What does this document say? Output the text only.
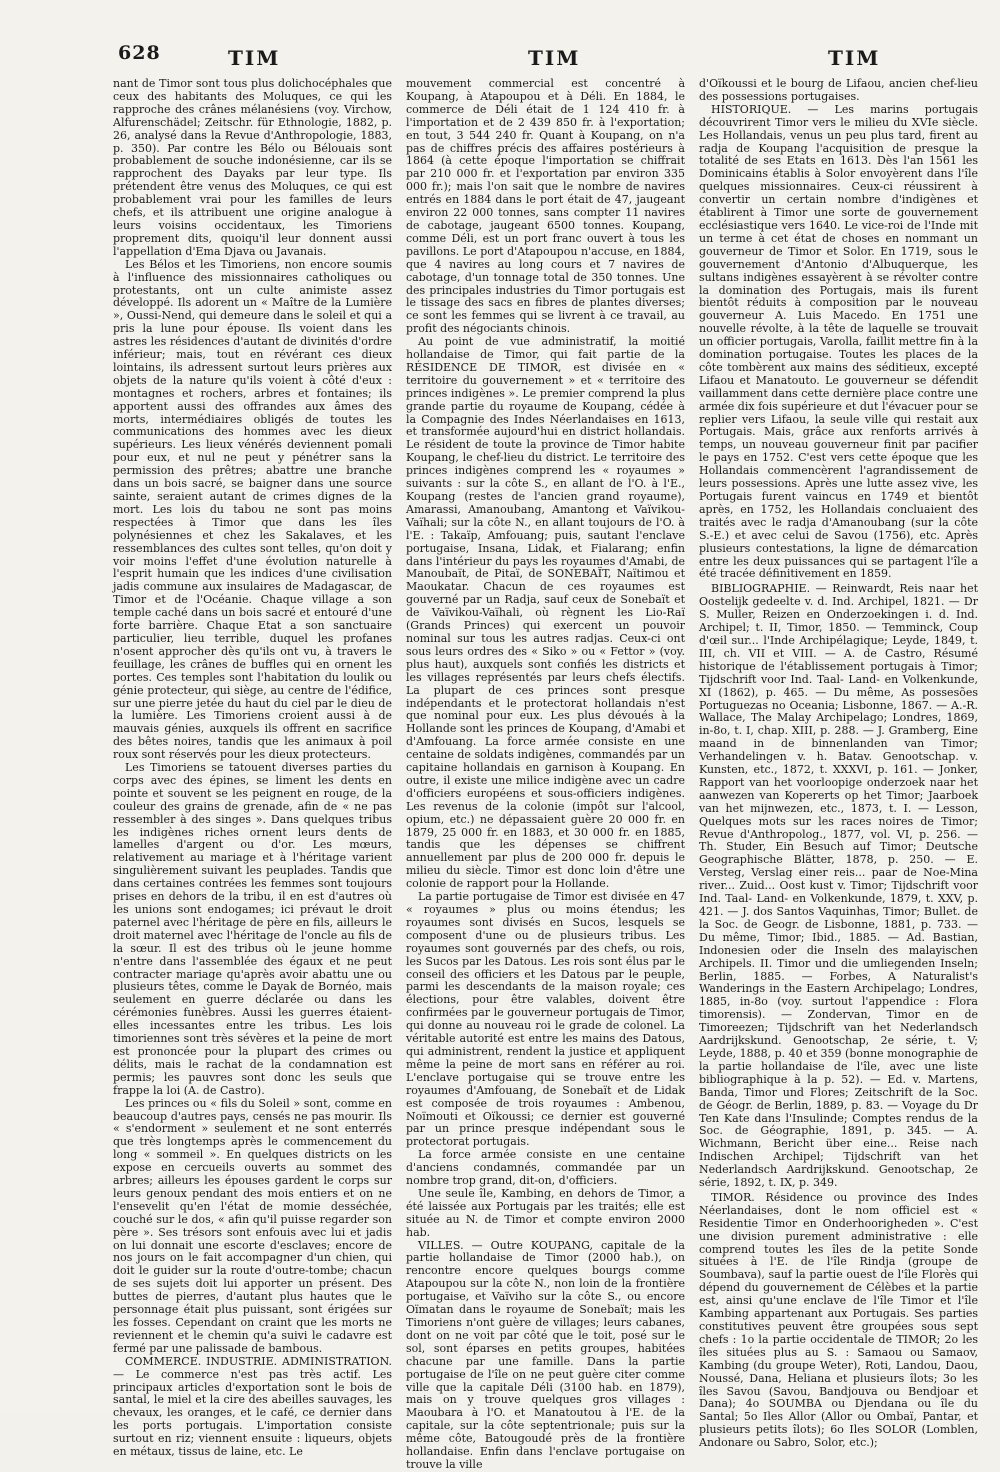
628	TIM	TIM	TIM

nant de Timor sont tous plus dolichocéphales que ceux des habitants des Moluques, ce qui les rapproche des crânes mélanésiens (voy. Virchow, Alfurenschädel; Zeitschr. für Ethnologie, 1882, p. 26, analysé dans la Revue d'Anthropologie, 1883, p. 350). Par contre les Bélo ou Bélouais sont probablement de souche indonésienne, car ils se rapprochent des Dayaks par leur type. Ils prétendent être venus des Moluques, ce qui est probablement vrai pour les familles de leurs chefs, et ils attribuent une origine analogue à leurs voisins occidentaux, les Timoriens proprement dits, quoiqu'il leur donnent aussi l'appellation d'Ema Djava ou Javanais.

Les Bélos et les Timoriens, non encore soumis à l'influence des missionnaires catholiques ou protestants, ont un culte animiste assez développé. Ils adorent un « Maître de la Lumière », Oussi-Nend, qui demeure dans le soleil et qui a pris la lune pour épouse. Ils voient dans les astres les résidences d'autant de divinités d'ordre inférieur; mais, tout en révérant ces dieux lointains, ils adressent surtout leurs prières aux objets de la nature qu'ils voient à côté d'eux : montagnes et rochers, arbres et fontaines; ils apportent aussi des offrandes aux âmes des morts, intermédiaires obligés de toutes les communications des hommes avec les dieux supérieurs. Les lieux vénérés deviennent pomali pour eux, et nul ne peut y pénétrer sans la permission des prêtres; abattre une branche dans un bois sacré, se baigner dans une source sainte, seraient autant de crimes dignes de la mort. Les lois du tabou ne sont pas moins respectées à Timor que dans les îles polynésiennes et chez les Sakalaves, et les ressemblances des cultes sont telles, qu'on doit y voir moins l'effet d'une évolution naturelle à l'esprit humain que les indices d'une civilisation jadis commune aux insulaires de Madagascar, de Timor et de l'Océanie. Chaque village a son temple caché dans un bois sacré et entouré d'une forte barrière. Chaque Etat a son sanctuaire particulier, lieu terrible, duquel les profanes n'osent approcher dès qu'ils ont vu, à travers le feuillage, les crânes de buffles qui en ornent les portes. Ces temples sont l'habitation du loulik ou génie protecteur, qui siège, au centre de l'édifice, sur une pierre jetée du haut du ciel par le dieu de la lumière. Les Timoriens croient aussi à de mauvais génies, auxquels ils offrent en sacrifice des bêtes noires, tandis que les animaux à poil roux sont réservés pour les dieux protecteurs.

Les Timoriens se tatouent diverses parties du corps avec des épines, se liment les dents en pointe et souvent se les peignent en rouge, de la couleur des grains de grenade, afin de « ne pas ressembler à des singes ». Dans quelques tribus les indigènes riches ornent leurs dents de lamelles d'argent ou d'or. Les mœurs, relativement au mariage et à l'héritage varient singulièrement suivant les peuplades. Tandis que dans certaines contrées les femmes sont toujours prises en dehors de la tribu, il en est d'autres où les unions sont endogames; ici prévaut le droit paternel avec l'héritage de père en fils, ailleurs le droit maternel avec l'héritage de l'oncle au fils de la sœur. Il est des tribus où le jeune homme n'entre dans l'assemblée des égaux et ne peut contracter mariage qu'après avoir abattu une ou plusieurs têtes, comme le Dayak de Bornéo, mais seulement en guerre déclarée ou dans les cérémonies funèbres. Aussi les guerres étaient-elles incessantes entre les tribus. Les lois timoriennes sont très sévères et la peine de mort est prononcée pour la plupart des crimes ou délits, mais le rachat de la condamnation est permis; les pauvres sont donc les seuls que frappe la loi (A. de Castro).

Les princes ou « fils du Soleil » sont, comme en beaucoup d'autres pays, censés ne pas mourir. Ils « s'endorment » seulement et ne sont enterrés que très longtemps après le commencement du long « sommeil ». En quelques districts on les expose en cercueils ouverts au sommet des arbres; ailleurs les épouses gardent le corps sur leurs genoux pendant des mois entiers et on ne l'ensevelit qu'en l'état de momie desséchée, couché sur le dos, « afin qu'il puisse regarder son père ». Ses trésors sont enfouis avec lui et jadis on lui donnait une escorte d'esclaves; encore de nos jours on le fait accompagner d'un chien, qui doit le guider sur la route d'outre-tombe; chacun de ses sujets doit lui apporter un présent. Des buttes de pierres, d'autant plus hautes que le personnage était plus puissant, sont érigées sur les fosses. Cependant on craint que les morts ne reviennent et le chemin qu'a suivi le cadavre est fermé par une palissade de bambous.

COMMERCE. INDUSTRIE. ADMINISTRATION. — Le commerce n'est pas très actif. Les principaux articles d'exportation sont le bois de santal, le miel et la cire des abeilles sauvages, les chevaux, les oranges, et le café, ce dernier dans les ports portugais. L'importation consiste surtout en riz; viennent ensuite : liqueurs, objets en métaux, tissus de laine, etc. Le

mouvement commercial est concentré à Koupang, à Atapoupou et à Déli. En 1884, le commerce de Déli était de 1 124 410 fr. à l'importation et de 2 439 850 fr. à l'exportation; en tout, 3 544 240 fr. Quant à Koupang, on n'a pas de chiffres précis des affaires postérieurs à 1864 (à cette époque l'importation se chiffrait par 210 000 fr. et l'exportation par environ 335 000 fr.); mais l'on sait que le nombre de navires entrés en 1884 dans le port était de 47, jaugeant environ 22 000 tonnes, sans compter 11 navires de cabotage, jaugeant 6500 tonnes. Koupang, comme Déli, est un port franc ouvert à tous les pavillons. Le port d'Atapoupou n'accuse, en 1884, que 4 navires au long cours et 7 navires de cabotage, d'un tonnage total de 350 tonnes. Une des principales industries du Timor portugais est le tissage des sacs en fibres de plantes diverses; ce sont les femmes qui se livrent à ce travail, au profit des négociants chinois.

Au point de vue administratif, la moitié hollandaise de Timor, qui fait partie de la RÉSIDENCE DE TIMOR, est divisée en « territoire du gouvernement » et « territoire des princes indigènes ». Le premier comprend la plus grande partie du royaume de Koupang, cédée à la Compagnie des Indes Néerlandaises en 1613, et transformée aujourd'hui en district hollandais. Le résident de toute la province de Timor habite Koupang, le chef-lieu du district. Le territoire des princes indigènes comprend les « royaumes » suivants : sur la côte S., en allant de l'O. à l'E., Koupang (restes de l'ancien grand royaume), Amarassi, Amanoubang, Amantong et Vaïvikou-Vaïhali; sur la côte N., en allant toujours de l'O. à l'E. : Takaïp, Amfouang; puis, sautant l'enclave portugaise, Insana, Lidak, et Fialarang; enfin dans l'intérieur du pays les royaumes d'Amabi, de Manoubaït, de Pitaï, de SONEBAÏT, Naïtimou et Maoukatar. Chacun de ces royaumes est gouverné par un Radja, sauf ceux de Sonebaït et de Vaïvikou-Vaïhali, où règnent les Lio-Raï (Grands Princes) qui exercent un pouvoir nominal sur tous les autres radjas. Ceux-ci ont sous leurs ordres des « Siko » ou « Fettor » (voy. plus haut), auxquels sont confiés les districts et les villages représentés par leurs chefs électifs. La plupart de ces princes sont presque indépendants et le protectorat hollandais n'est que nominal pour eux. Les plus dévoués à la Hollande sont les princes de Koupang, d'Amabi et d'Amfouang. La force armée consiste en une centaine de soldats indigènes, commandés par un capitaine hollandais en garnison à Koupang. En outre, il existe une milice indigène avec un cadre d'officiers européens et sous-officiers indigènes. Les revenus de la colonie (impôt sur l'alcool, opium, etc.) ne dépassaient guère 20 000 fr. en 1879, 25 000 fr. en 1883, et 30 000 fr. en 1885, tandis que les dépenses se chiffrent annuellement par plus de 200 000 fr. depuis le milieu du siècle. Timor est donc loin d'être une colonie de rapport pour la Hollande.

La partie portugaise de Timor est divisée en 47 « royaumes » plus ou moins étendus; les royaumes sont divisés en Sucos, lesquels se composent d'une ou de plusieurs tribus. Les royaumes sont gouvernés par des chefs, ou rois, les Sucos par les Datous. Les rois sont élus par le conseil des officiers et les Datous par le peuple, parmi les descendants de la maison royale; ces élections, pour être valables, doivent être confirmées par le gouverneur portugais de Timor, qui donne au nouveau roi le grade de colonel. La véritable autorité est entre les mains des Datous, qui administrent, rendent la justice et appliquent même la peine de mort sans en référer au roi. L'enclave portugaise qui se trouve entre les royaumes d'Amfouang, de Sonebaït et de Lidak est composée de trois royaumes : Ambenou, Noïmouti et Oïkoussi; ce dernier est gouverné par un prince presque indépendant sous le protectorat portugais.

La force armée consiste en une centaine d'anciens condamnés, commandée par un nombre trop grand, dit-on, d'officiers.

Une seule île, Kambing, en dehors de Timor, a été laissée aux Portugais par les traités; elle est située au N. de Timor et compte environ 2000 hab.

VILLES. — Outre KOUPANG, capitale de la partie hollandaise de Timor (2000 hab.), on rencontre encore quelques bourgs comme Atapoupou sur la côte N., non loin de la frontière portugaise, et Vaïviho sur la côte S., ou encore Oïmatan dans le royaume de Sonebaït; mais les Timoriens n'ont guère de villages; leurs cabanes, dont on ne voit par côté que le toit, posé sur le sol, sont éparses en petits groupes, habitées chacune par une famille. Dans la partie portugaise de l'île on ne peut guère citer comme ville que la capitale Déli (3100 hab. en 1879), mais on y trouve quelques gros villages : Maoubara à l'O. et Manatoutou à l'E. de la capitale, sur la côte septentrionale; puis sur la même côte, Batougoudé près de la frontière hollandaise. Enfin dans l'enclave portugaise on trouve la ville

d'Oïkoussi et le bourg de Lifaou, ancien chef-lieu des possessions portugaises.

HISTORIQUE. — Les marins portugais découvrirent Timor vers le milieu du XVIe siècle. Les Hollandais, venus un peu plus tard, firent au radja de Koupang l'acquisition de presque la totalité de ses Etats en 1613. Dès l'an 1561 les Dominicains établis à Solor envoyèrent dans l'île quelques missionnaires. Ceux-ci réussirent à convertir un certain nombre d'indigènes et établirent à Timor une sorte de gouvernement ecclésiastique vers 1640. Le vice-roi de l'Inde mit un terme à cet état de choses en nommant un gouverneur de Timor et Solor. En 1719, sous le gouvernement d'Antonio d'Albuquerque, les sultans indigènes essayèrent à se révolter contre la domination des Portugais, mais ils furent bientôt réduits à composition par le nouveau gouverneur A. Luis Macedo. En 1751 une nouvelle révolte, à la tête de laquelle se trouvait un officier portugais, Varolla, faillit mettre fin à la domination portugaise. Toutes les places de la côte tombèrent aux mains des séditieux, excepté Lifaou et Manatouto. Le gouverneur se défendit vaillamment dans cette dernière place contre une armée dix fois supérieure et dut l'évacuer pour se replier vers Lifaou, la seule ville qui restait aux Portugais. Mais, grâce aux renforts arrivés à temps, un nouveau gouverneur finit par pacifier le pays en 1752. C'est vers cette époque que les Hollandais commencèrent l'agrandissement de leurs possessions. Après une lutte assez vive, les Portugais furent vaincus en 1749 et bientôt après, en 1752, les Hollandais concluaient des traités avec le radja d'Amanoubang (sur la côte S.-E.) et avec celui de Savou (1756), etc. Après plusieurs contestations, la ligne de démarcation entre les deux puissances qui se partagent l'île a été tracée définitivement en 1859.

BIBLIOGRAPHIE. — Reinwardt, Reis naar het Oostelijk gedeelte v. d. Ind. Archipel, 1821. — Dr S. Muller, Reizen en Onderzoekingen i. d. Ind. Archipel; t. II, Timor, 1850. — Temminck, Coup d'œil sur... l'Inde Archipélagique; Leyde, 1849, t. III, ch. VII et VIII. — A. de Castro, Résumé historique de l'établissement portugais à Timor; Tijdschrift voor Ind. Taal- Land- en Volkenkunde, XI (1862), p. 465. — Du même, As possesões Portuguezas no Oceania; Lisbonne, 1867. — A.-R. Wallace, The Malay Archipelago; Londres, 1869, in-8o, t. I, chap. XIII, p. 288. — J. Gramberg, Eine maand in de binnenlanden van Timor; Verhandelingen v. h. Batav. Genootschap. v. Kunsten, etc., 1872, t. XXXVI, p. 161. — Jonker, Rapport van het voorloopige onderzoek naar het aanwezen van Kopererts op het Timor; Jaarboek van het mijnwezen, etc., 1873, t. I. — Lesson, Quelques mots sur les races noires de Timor; Revue d'Anthropolog., 1877, vol. VI, p. 256. — Th. Studer, Ein Besuch auf Timor; Deutsche Geographische Blätter, 1878, p. 250. — E. Versteg, Verslag einer reis... paar de Noe-Mina river... Zuid... Oost kust v. Timor; Tijdschrift voor Ind. Taal- Land- en Volkenkunde, 1879, t. XXV, p. 421. — J. dos Santos Vaquinhas, Timor; Bullet. de la Soc. de Geogr. de Lisbonne, 1881, p. 733. — Du même, Timor; Ibid., 1885. — Ad. Bastian, Indonesien oder die Inseln des malayischen Archipels. II. Timor und die umliegenden Inseln; Berlin, 1885. — Forbes, A Naturalist's Wanderings in the Eastern Archipelago; Londres, 1885, in-8o (voy. surtout l'appendice : Flora timorensis). — Zondervan, Timor en de Timoreezen; Tijdschrift van het Nederlandsch Aardrijkskund. Genootschap, 2e série, t. V; Leyde, 1888, p. 40 et 359 (bonne monographie de la partie hollandaise de l'île, avec une liste bibliographique à la p. 52). — Ed. v. Martens, Banda, Timor und Flores; Zeitschrift de la Soc. de Géogr. de Berlin, 1889, p. 83. — Voyage du Dr Ten Kate dans l'Insulinde; Comptes rendus de la Soc. de Géographie, 1891, p. 345. — A. Wichmann, Bericht über eine... Reise nach Indischen Archipel; Tijdschrift van het Nederlandsch Aardrijkskund. Genootschap, 2e série, 1892, t. IX, p. 349.

TIMOR. Résidence ou province des Indes Néerlandaises, dont le nom officiel est « Residentie Timor en Onderhoorigheden ». C'est une division purement administrative : elle comprend toutes les îles de la petite Sonde situées à l'E. de l'île Rindja (groupe de Soumbava), sauf la partie ouest de l'île Florès qui dépend du gouvernement de Célèbes et la partie est, ainsi qu'une enclave de l'île Timor et l'île Kambing appartenant aux Portugais. Ses parties constitutives peuvent être groupées sous sept chefs : 1o la partie occidentale de TIMOR; 2o les îles situées plus au S. : Samaou ou Samaov, Kambing (du groupe Weter), Roti, Landou, Daou, Noussé, Dana, Heliana et plusieurs îlots; 3o les îles Savou (Savou, Bandjouva ou Bendjoar et Dana); 4o SOUMBA ou Djendana ou île du Santal; 5o Iles Allor (Allor ou Ombaï, Pantar, et plusieurs petits îlots); 6o Iles SOLOR (Lomblen, Andonare ou Sabro, Solor, etc.);
